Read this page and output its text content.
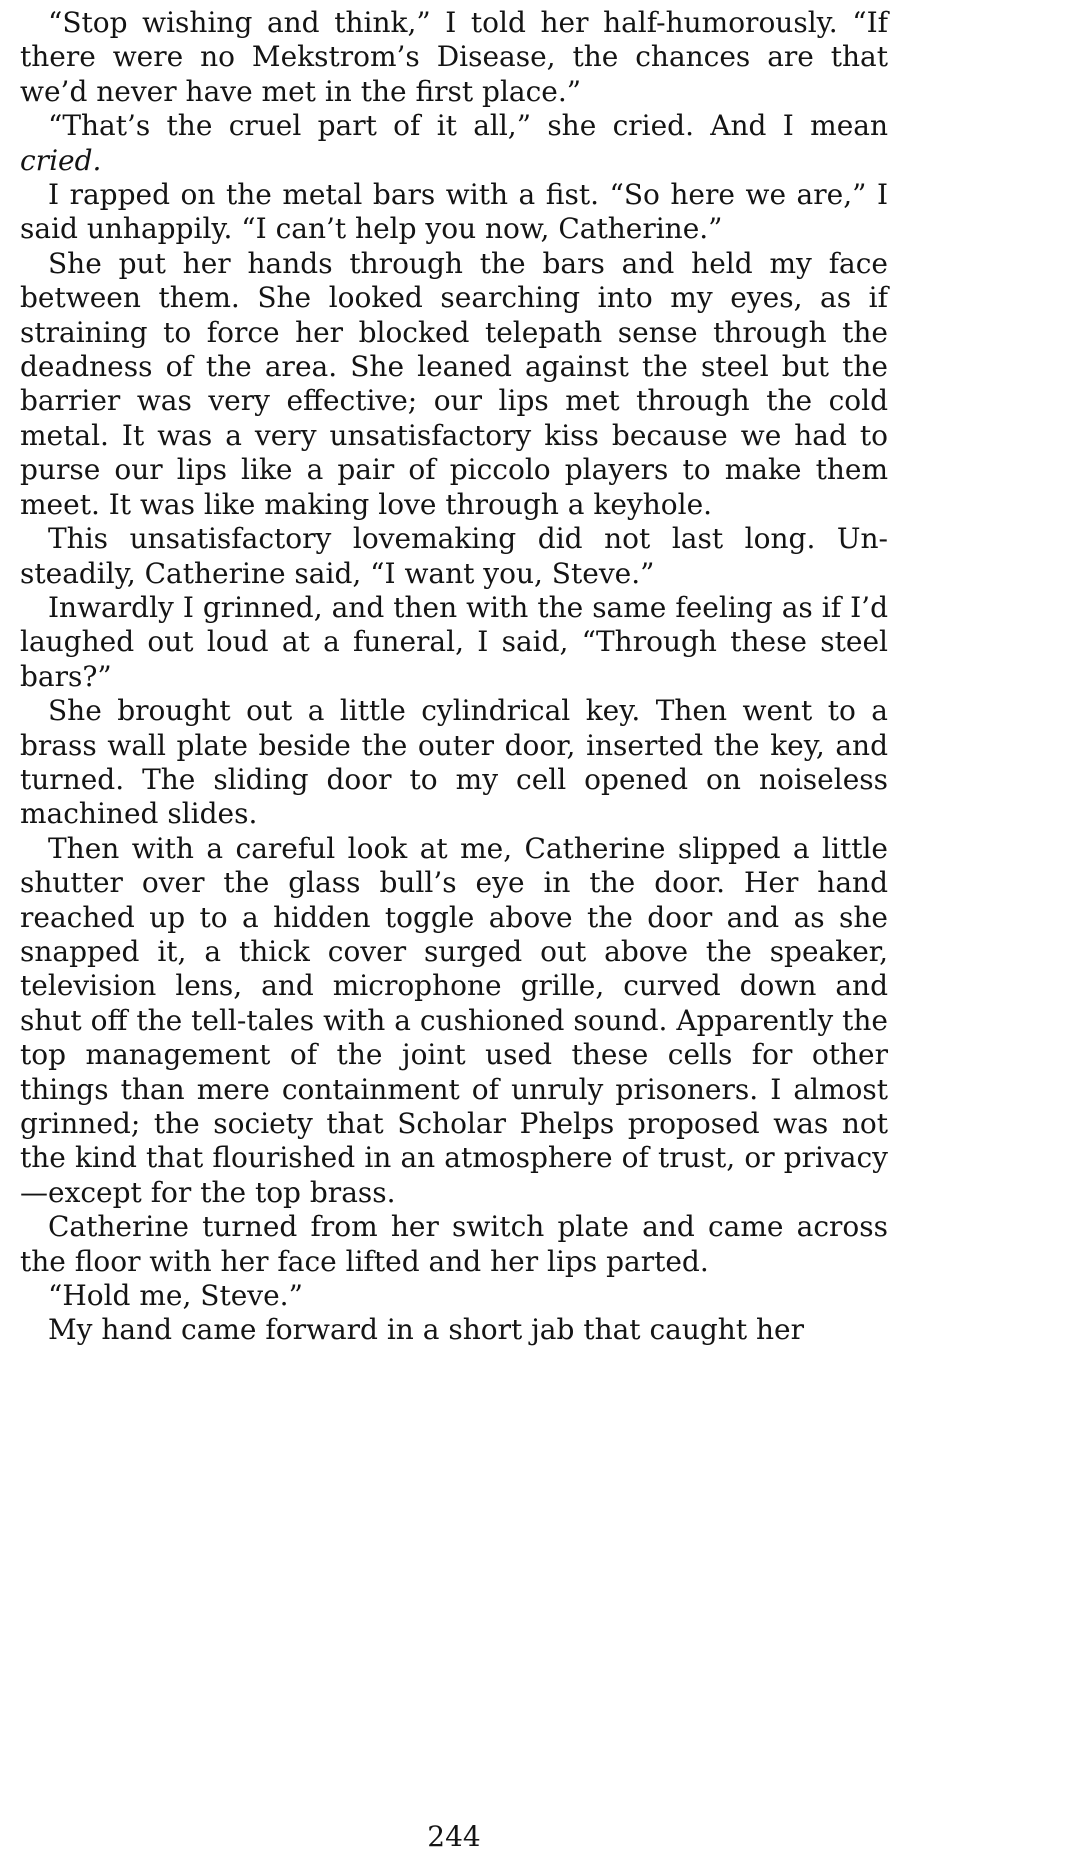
“Stop wishing and think,” I told her half-humorously. “If there were no Mekstrom’s Disease, the chances are that we’d never have met in the first place.”

“That’s the cruel part of it all,” she cried. And I mean cried.

I rapped on the metal bars with a fist. “So here we are,” I said unhappily. “I can’t help you now, Catherine.”

She put her hands through the bars and held my face between them. She looked searching into my eyes, as if straining to force her blocked telepath sense through the deadness of the area. She leaned against the steel but the barrier was very effective; our lips met through the cold metal. It was a very unsatisfactory kiss because we had to purse our lips like a pair of piccolo players to make them meet. It was like making love through a keyhole.

This unsatisfactory lovemaking did not last long. Unsteadily, Catherine said, “I want you, Steve.”

Inwardly I grinned, and then with the same feeling as if I’d laughed out loud at a funeral, I said, “Through these steel bars?”

She brought out a little cylindrical key. Then went to a brass wall plate beside the outer door, inserted the key, and turned. The sliding door to my cell opened on noiseless machined slides.

Then with a careful look at me, Catherine slipped a little shutter over the glass bull’s eye in the door. Her hand reached up to a hidden toggle above the door and as she snapped it, a thick cover surged out above the speaker, television lens, and microphone grille, curved down and shut off the tell-tales with a cushioned sound. Apparently the top management of the joint used these cells for other things than mere containment of unruly prisoners. I almost grinned; the society that Scholar Phelps proposed was not the kind that flourished in an atmosphere of trust, or privacy—except for the top brass.

Catherine turned from her switch plate and came across the floor with her face lifted and her lips parted.

“Hold me, Steve.”

My hand came forward in a short jab that caught her

244
